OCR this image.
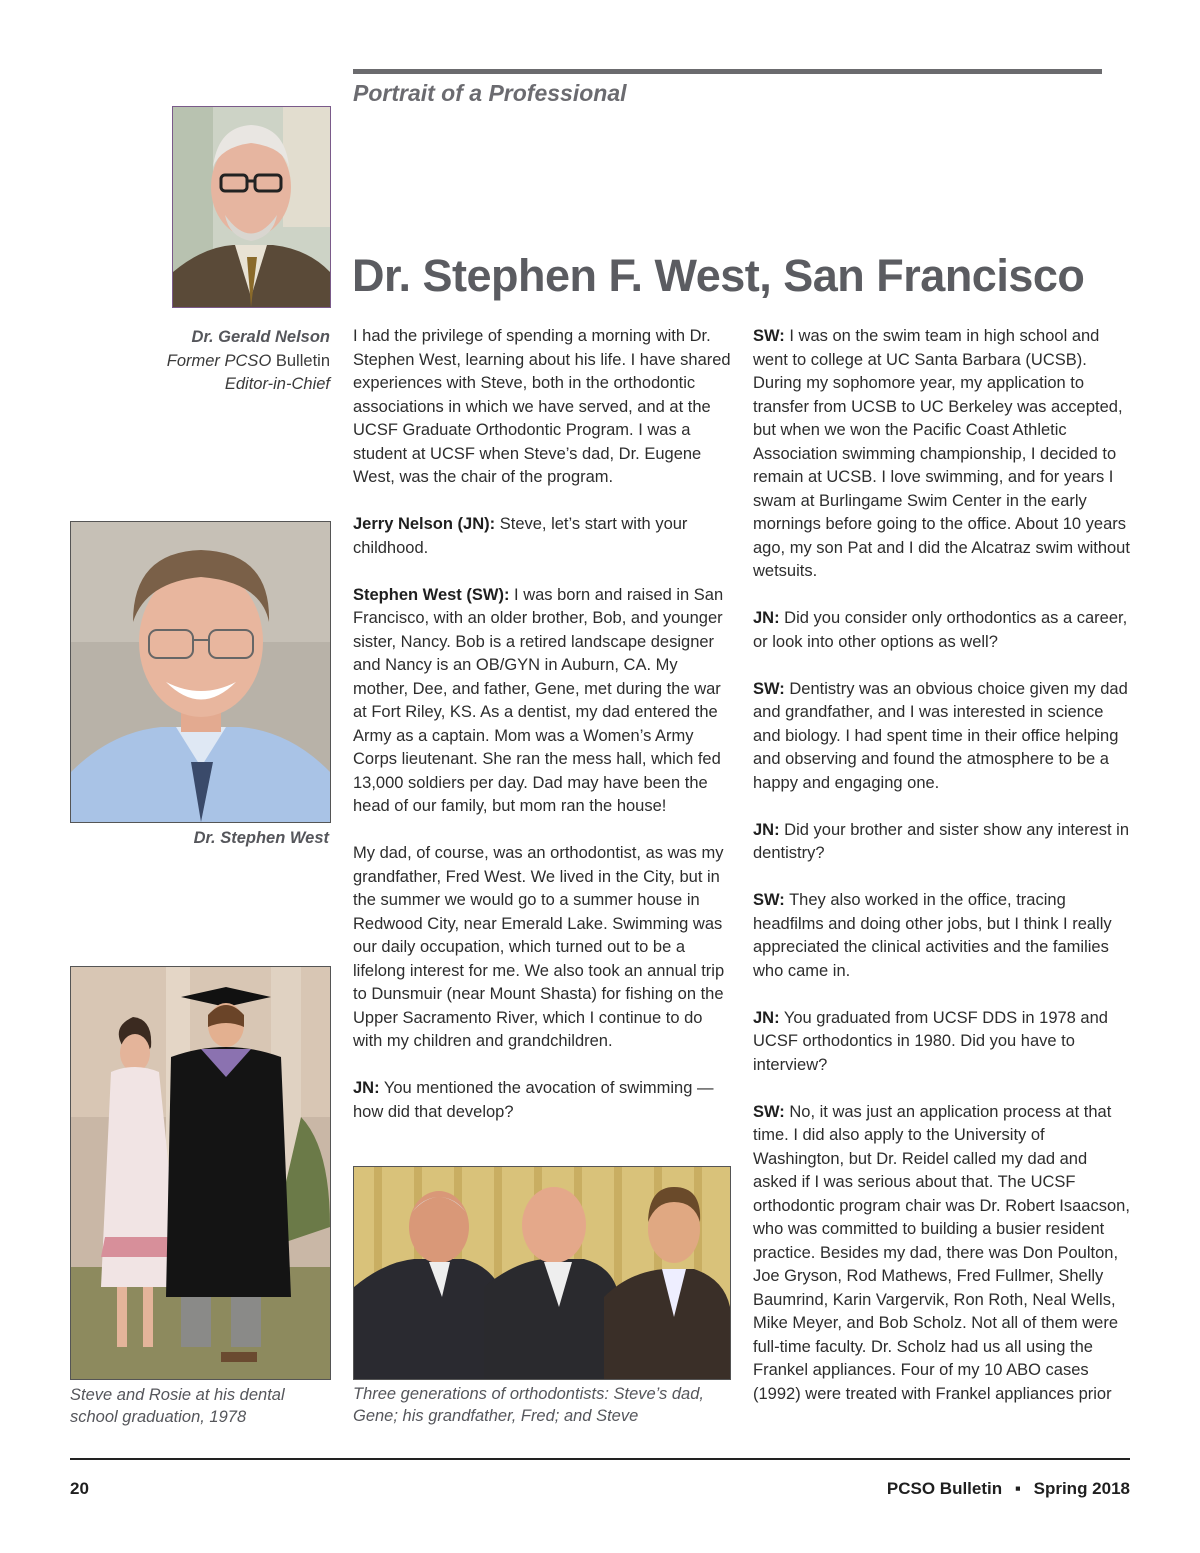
Portrait of a Professional
Dr. Stephen F. West, San Francisco
Dr. Gerald Nelson
Former PCSO Bulletin
Editor-in-Chief
Dr. Stephen West
Steve and Rosie at his dental school graduation, 1978

I had the privilege of spending a morning with Dr. Stephen West, learning about his life. I have shared experiences with Steve, both in the orthodontic associations in which we have served, and at the UCSF Graduate Orthodontic Program. I was a student at UCSF when Steve’s dad, Dr. Eugene West, was the chair of the program.

Jerry Nelson (JN): Steve, let’s start with your childhood.

Stephen West (SW): I was born and raised in San Francisco, with an older brother, Bob, and younger sister, Nancy. Bob is a retired landscape designer and Nancy is an OB/GYN in Auburn, CA. My mother, Dee, and father, Gene, met during the war at Fort Riley, KS. As a dentist, my dad entered the Army as a captain. Mom was a Women’s Army Corps lieutenant. She ran the mess hall, which fed 13,000 soldiers per day. Dad may have been the head of our family, but mom ran the house!

My dad, of course, was an orthodontist, as was my grandfather, Fred West. We lived in the City, but in the summer we would go to a summer house in Redwood City, near Emerald Lake. Swimming was our daily occupation, which turned out to be a lifelong interest for me. We also took an annual trip to Dunsmuir (near Mount Shasta) for fishing on the Upper Sacramento River, which I continue to do with my children and grandchildren.

JN: You mentioned the avocation of swimming — how did that develop?

Three generations of orthodontists: Steve’s dad, Gene; his grandfather, Fred; and Steve

SW: I was on the swim team in high school and went to college at UC Santa Barbara (UCSB). During my sophomore year, my application to transfer from UCSB to UC Berkeley was accepted, but when we won the Pacific Coast Athletic Association swimming championship, I decided to remain at UCSB. I love swimming, and for years I swam at Burlingame Swim Center in the early mornings before going to the office. About 10 years ago, my son Pat and I did the Alcatraz swim without wetsuits.

JN: Did you consider only orthodontics as a career, or look into other options as well?

SW: Dentistry was an obvious choice given my dad and grandfather, and I was interested in science and biology. I had spent time in their office helping and observing and found the atmosphere to be a happy and engaging one.

JN: Did your brother and sister show any interest in dentistry?

SW: They also worked in the office, tracing headfilms and doing other jobs, but I think I really appreciated the clinical activities and the families who came in.

JN: You graduated from UCSF DDS in 1978 and UCSF orthodontics in 1980. Did you have to interview?

SW: No, it was just an application process at that time. I did also apply to the University of Washington, but Dr. Reidel called my dad and asked if I was serious about that. The UCSF orthodontic program chair was Dr. Robert Isaacson, who was committed to building a busier resident practice. Besides my dad, there was Don Poulton, Joe Gryson, Rod Mathews, Fred Fullmer, Shelly Baumrind, Karin Vargervik, Ron Roth, Neal Wells, Mike Meyer, and Bob Scholz. Not all of them were full-time faculty. Dr. Scholz had us all using the Frankel appliances. Four of my 10 ABO cases (1992) were treated with Frankel appliances prior

20	PCSO Bulletin ▪ Spring 2018
